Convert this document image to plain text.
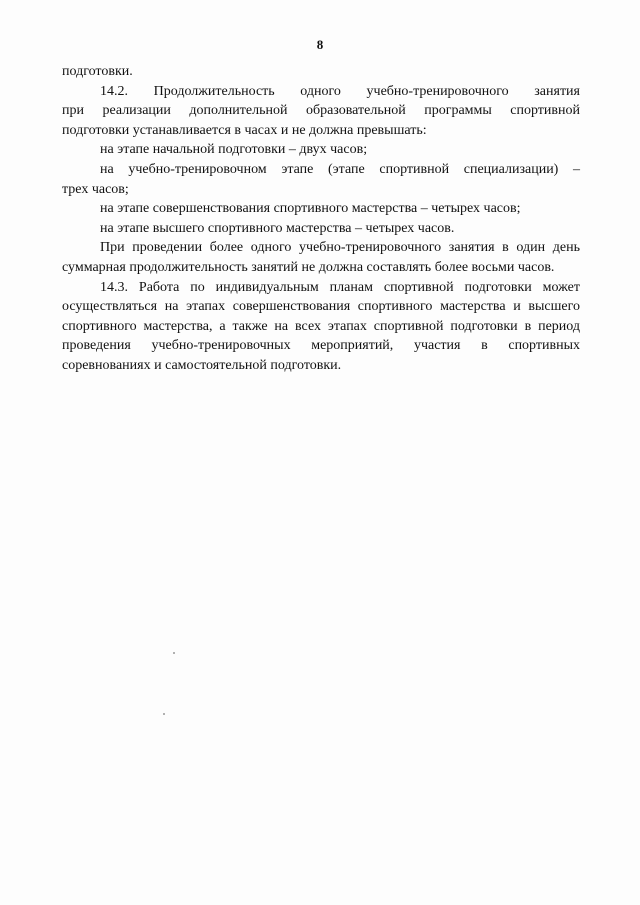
8
подготовки.
14.2. Продолжительность одного учебно-тренировочного занятия
при реализации дополнительной образовательной программы спортивной
подготовки устанавливается в часах и не должна превышать:
на этапе начальной подготовки – двух часов;
на учебно-тренировочном этапе (этапе спортивной специализации) –
трех часов;
на этапе совершенствования спортивного мастерства – четырех часов;
на этапе высшего спортивного мастерства – четырех часов.
При проведении более одного учебно-тренировочного занятия в один день
суммарная продолжительность занятий не должна составлять более восьми часов.
14.3. Работа по индивидуальным планам спортивной подготовки может
осуществляться на этапах совершенствования спортивного мастерства и высшего
спортивного мастерства, а также на всех этапах спортивной подготовки в период
проведения учебно-тренировочных мероприятий, участия в спортивных
соревнованиях и самостоятельной подготовки.
